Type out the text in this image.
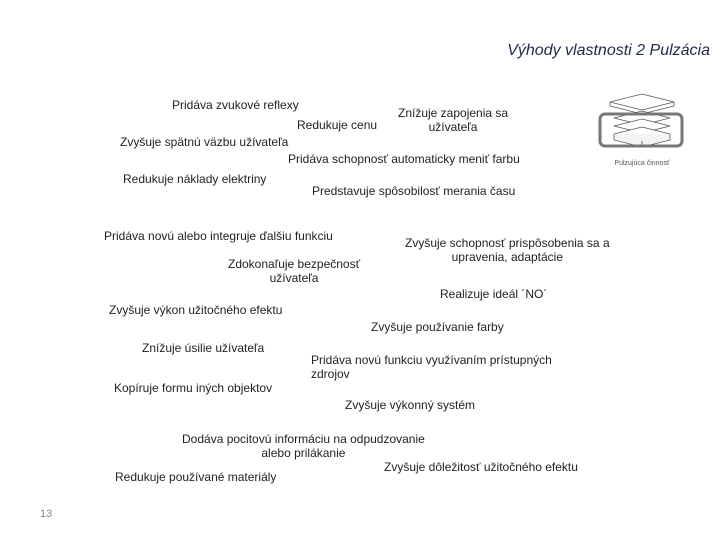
Výhody vlastnosti 2 Pulzácia
Pulzujúca činnosť
Pridáva zvukové reflexy
Redukuje cenu
Znížuje zapojenia sa
užívateľa
Zvyšuje spätnú väzbu užívateľa
Pridáva schopnosť automaticky meniť farbu
Redukuje náklady elektriny
Predstavuje spôsobilosť merania času
Pridáva novú alebo integruje ďalšiu funkciu	Zvyšuje schopnosť prispôsobenia sa a
upravenia, adaptácie
Zdokonaľuje bezpečnosť
užívateľa
Realizuje ideál ´NO´
Zvyšuje výkon užitočného efektu
Zvyšuje používanie farby
Znížuje úsilie užívateľa
Pridáva novú funkciu využívaním prístupných
zdrojov
Kopíruje formu iných objektov
Zvyšuje výkonný systém
Dodáva pocitovú informáciu na odpudzovanie
alebo prilákanie
Zvyšuje dôležitosť užitočného efektu
Redukuje používané materiály
13
